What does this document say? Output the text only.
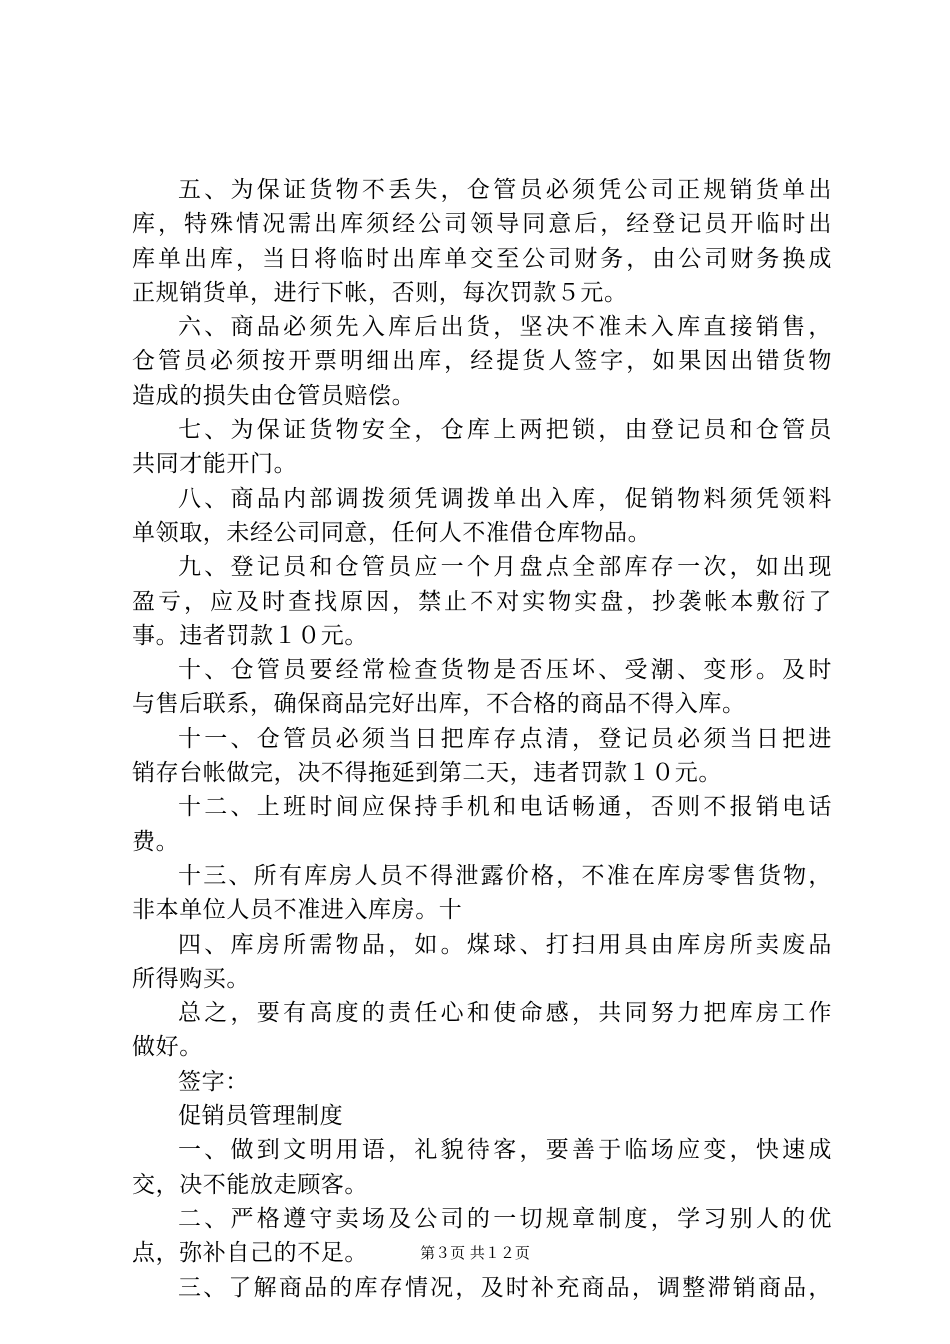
五、为保证货物不丢失，仓管员必须凭公司正规销货单出
库，特殊情况需出库须经公司领导同意后，经登记员开临时出
库单出库，当日将临时出库单交至公司财务，由公司财务换成
正规销货单，进行下帐，否则，每次罚款５元。
六、商品必须先入库后出货，坚决不准未入库直接销售，
仓管员必须按开票明细出库，经提货人签字，如果因出错货物
造成的损失由仓管员赔偿。
七、为保证货物安全，仓库上两把锁，由登记员和仓管员
共同才能开门。
八、商品内部调拨须凭调拨单出入库，促销物料须凭领料
单领取，未经公司同意，任何人不准借仓库物品。
九、登记员和仓管员应一个月盘点全部库存一次，如出现
盈亏，应及时查找原因，禁止不对实物实盘，抄袭帐本敷衍了
事。违者罚款１０元。
十、仓管员要经常检查货物是否压坏、受潮、变形。及时
与售后联系，确保商品完好出库，不合格的商品不得入库。
十一、仓管员必须当日把库存点清，登记员必须当日把进
销存台帐做完，决不得拖延到第二天，违者罚款１０元。
十二、上班时间应保持手机和电话畅通，否则不报销电话
费。
十三、所有库房人员不得泄露价格，不准在库房零售货物，
非本单位人员不准进入库房。十
四、库房所需物品，如。煤球、打扫用具由库房所卖废品
所得购买。
总之，要有高度的责任心和使命感，共同努力把库房工作
做好。
签字：
促销员管理制度
一、做到文明用语，礼貌待客，要善于临场应变，快速成
交，决不能放走顾客。
二、严格遵守卖场及公司的一切规章制度，学习别人的优
点，弥补自己的不足。
三、了解商品的库存情况，及时补充商品，调整滞销商品，
第３页 共１２页
